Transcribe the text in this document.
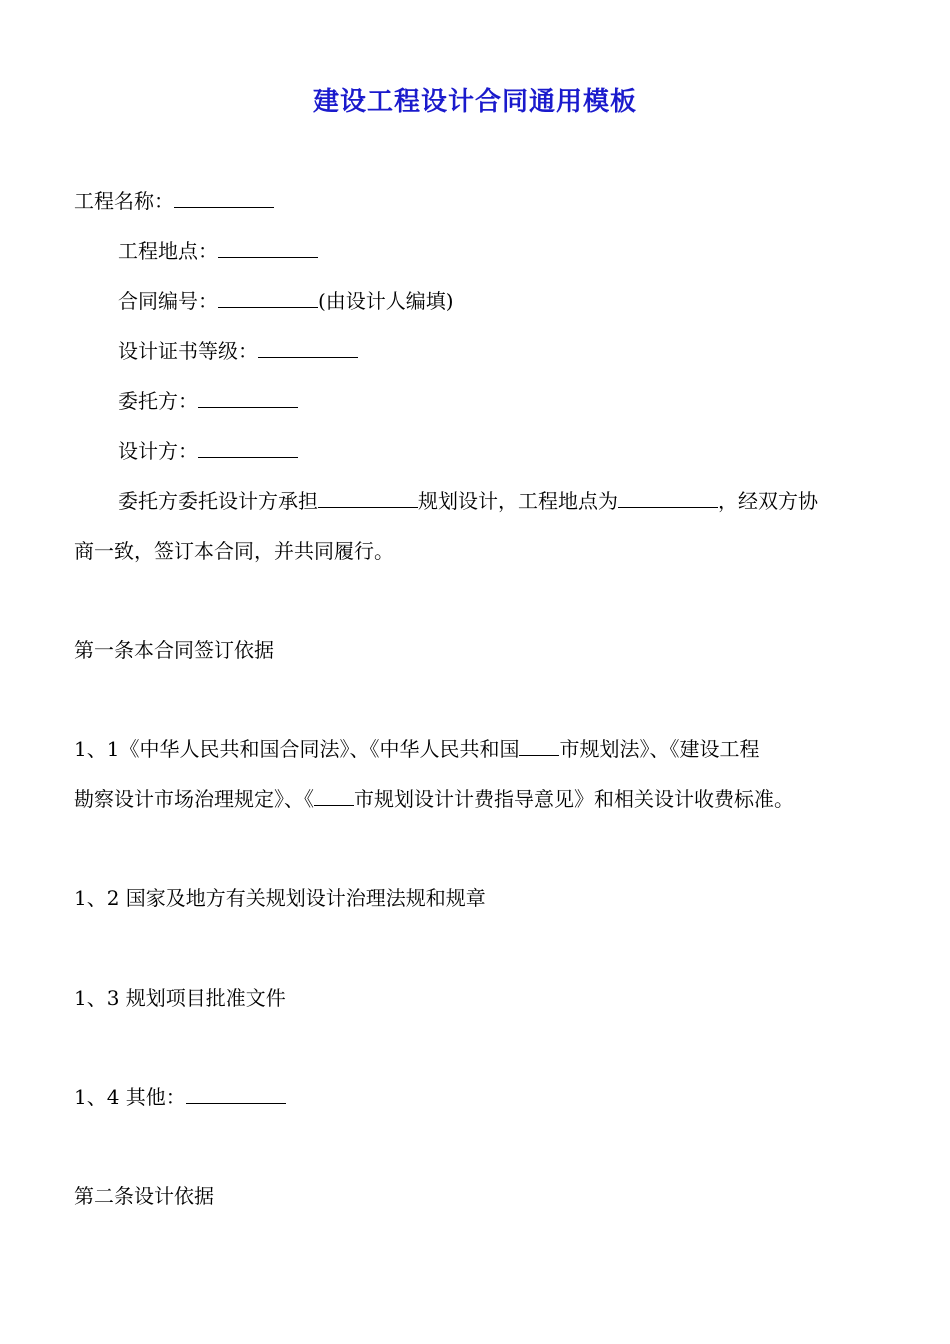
建设工程设计合同通用模板

工程名称：

工程地点：

合同编号：	(由设计人编填)

设计证书等级：

委托方：

设计方：

委托方委托设计方承担	规划设计，工程地点为	，经双方协

商一致，签订本合同，并共同履行。

第一条本合同签订依据

1、1《中华人民共和国合同法》、《中华人民共和国 市规划法》、《建设工程

勘察设计市场治理规定》、《 市规划设计计费指导意见》和相关设计收费标准。

1、2 国家及地方有关规划设计治理法规和规章

1、3 规划项目批准文件

1、4 其他：

第二条设计依据
